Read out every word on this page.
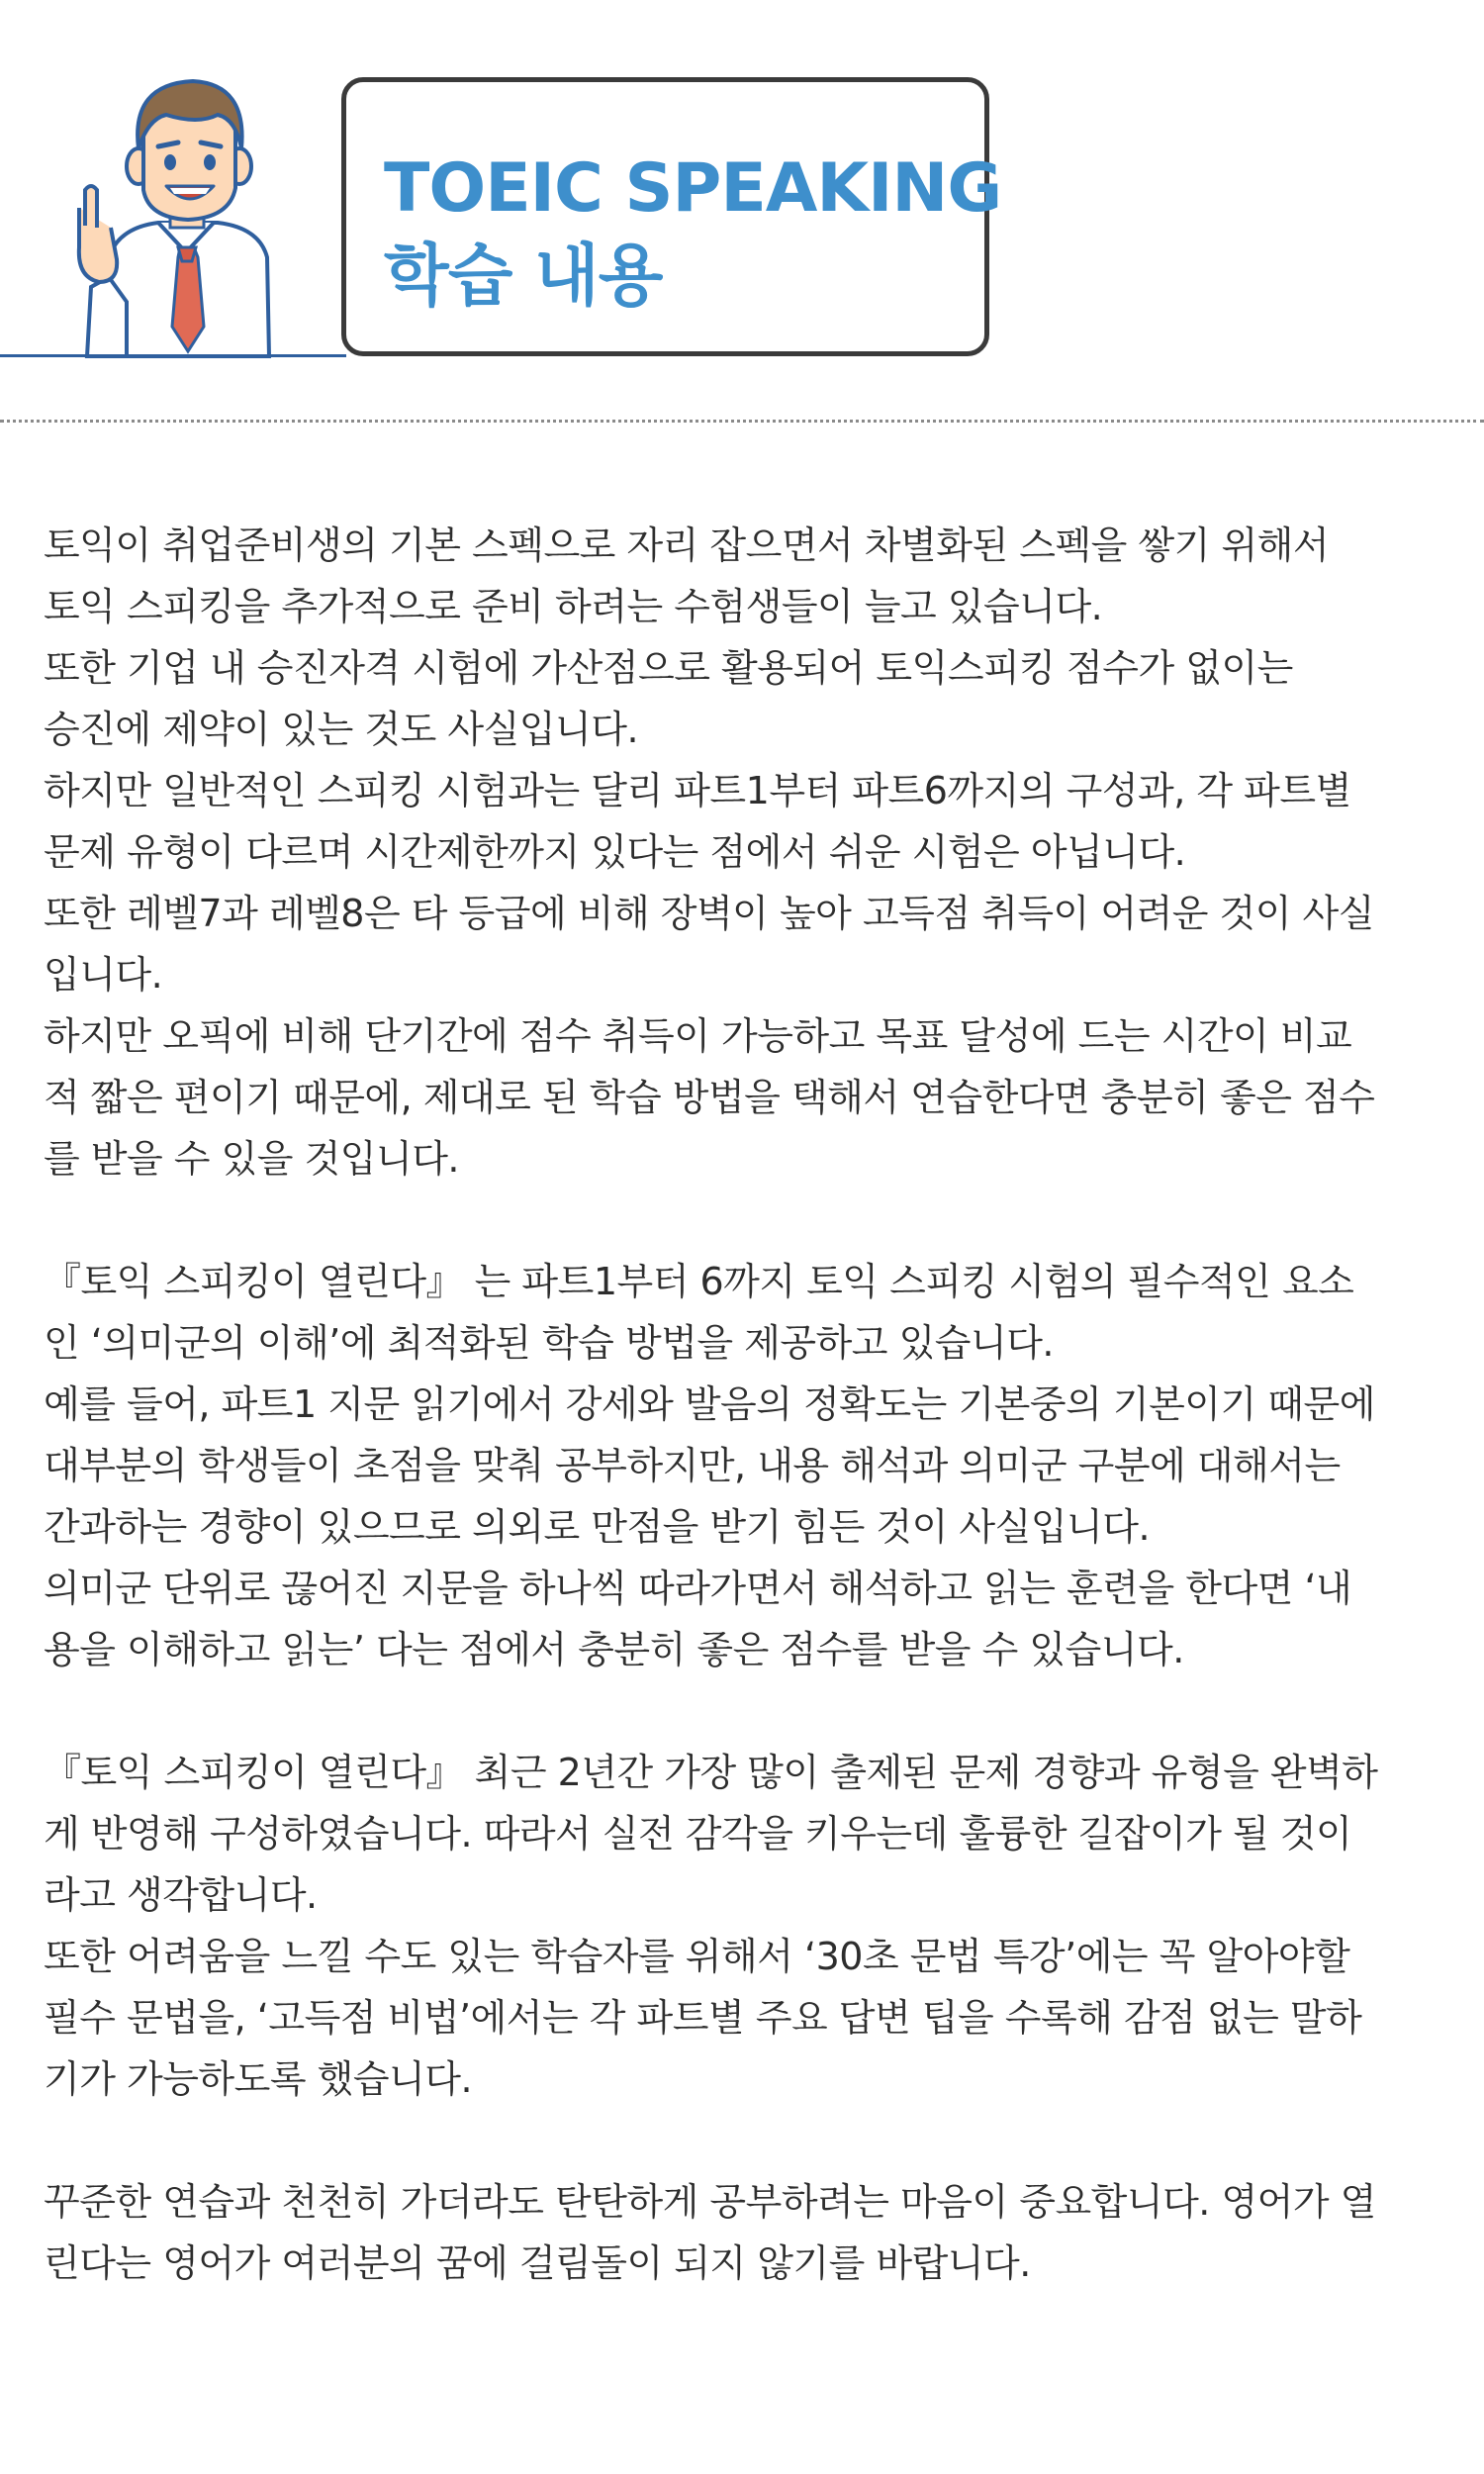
TOEIC SPEAKING
학습 내용
토익이 취업준비생의 기본 스펙으로 자리 잡으면서 차별화된 스펙을 쌓기 위해서
토익 스피킹을 추가적으로 준비 하려는 수험생들이 늘고 있습니다.
또한 기업 내 승진자격 시험에 가산점으로 활용되어 토익스피킹 점수가 없이는
승진에 제약이 있는 것도 사실입니다.
하지만 일반적인 스피킹 시험과는 달리 파트1부터 파트6까지의 구성과, 각 파트별
문제 유형이 다르며 시간제한까지 있다는 점에서 쉬운 시험은 아닙니다.
또한 레벨7과 레벨8은 타 등급에 비해 장벽이 높아 고득점 취득이 어려운 것이 사실
입니다.
하지만 오픽에 비해 단기간에 점수 취득이 가능하고 목표 달성에 드는 시간이 비교
적 짧은 편이기 때문에, 제대로 된 학습 방법을 택해서 연습한다면 충분히 좋은 점수
를 받을 수 있을 것입니다.
『토익 스피킹이 열린다』 는 파트1부터 6까지 토익 스피킹 시험의 필수적인 요소
인 ‘의미군의 이해’에 최적화된 학습 방법을 제공하고 있습니다.
예를 들어, 파트1 지문 읽기에서 강세와 발음의 정확도는 기본중의 기본이기 때문에
대부분의 학생들이 초점을 맞춰 공부하지만, 내용 해석과 의미군 구분에 대해서는
간과하는 경향이 있으므로 의외로 만점을 받기 힘든 것이 사실입니다.
의미군 단위로 끊어진 지문을 하나씩 따라가면서 해석하고 읽는 훈련을 한다면 ‘내
용을 이해하고 읽는’ 다는 점에서 충분히 좋은 점수를 받을 수 있습니다.
『토익 스피킹이 열린다』 최근 2년간 가장 많이 출제된 문제 경향과 유형을 완벽하
게 반영해 구성하였습니다. 따라서 실전 감각을 키우는데 훌륭한 길잡이가 될 것이
라고 생각합니다.
또한 어려움을 느낄 수도 있는 학습자를 위해서 ‘30초 문법 특강’에는 꼭 알아야할
필수 문법을, ‘고득점 비법’에서는 각 파트별 주요 답변 팁을 수록해 감점 없는 말하
기가 가능하도록 했습니다.
꾸준한 연습과 천천히 가더라도 탄탄하게 공부하려는 마음이 중요합니다. 영어가 열
린다는 영어가 여러분의 꿈에 걸림돌이 되지 않기를 바랍니다.
